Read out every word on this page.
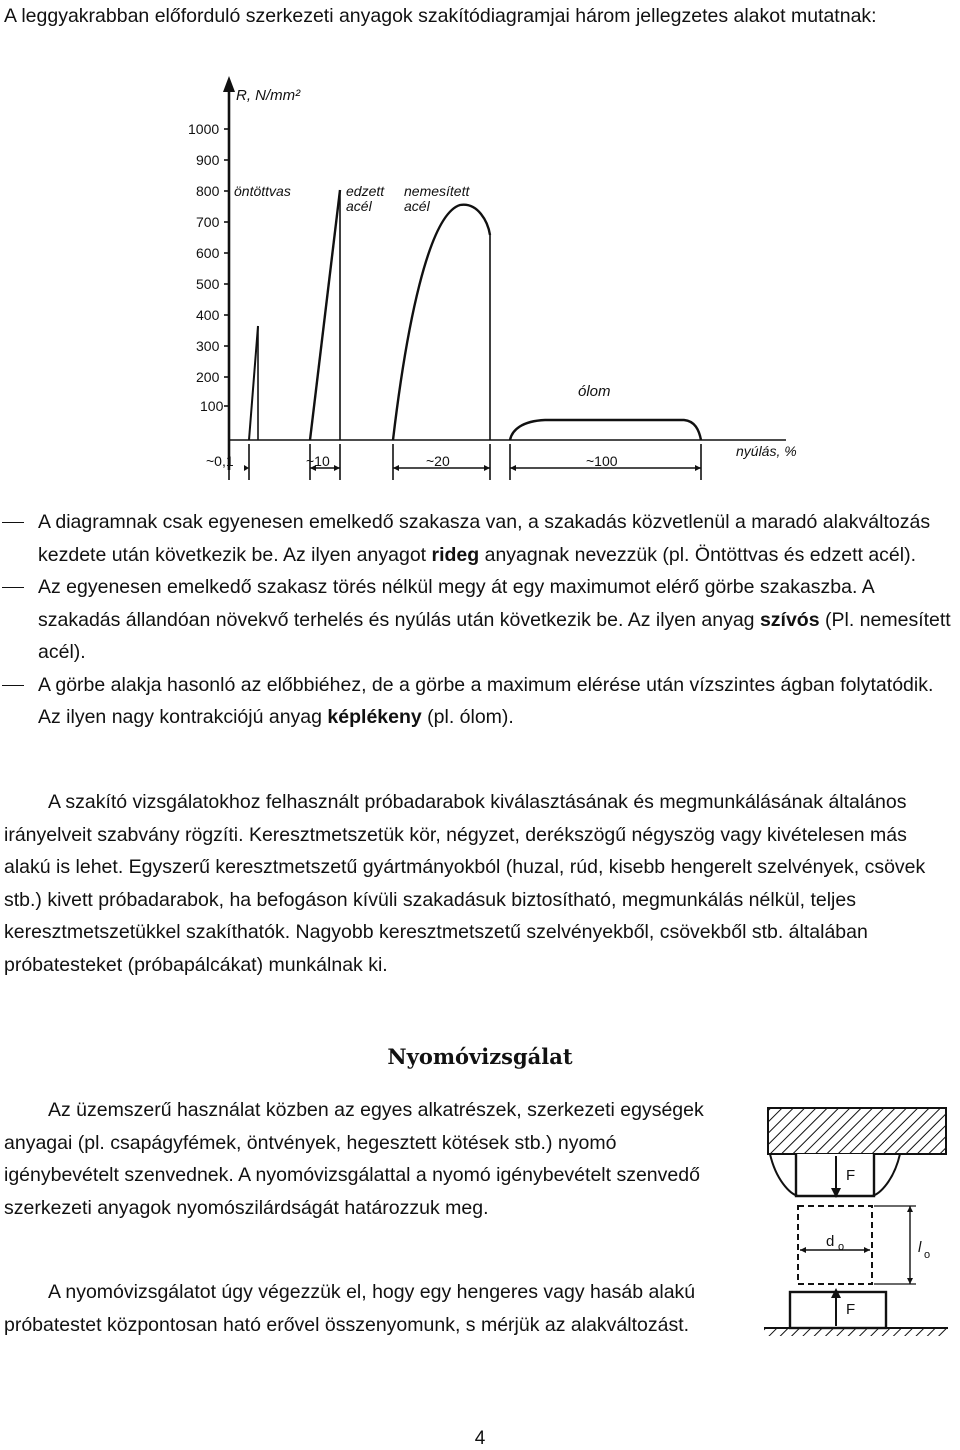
A leggyakrabban előforduló szerkezeti anyagok szakítódiagramjai három jellegzetes alakot mutatnak:

R, N/mm²
1000
900
800
700
600
500
400
300
200
100
öntöttvas	edzett
acél
nemesített
acél
ólom
~0,1	~10	~20	~100
nyúlás, %
A diagramnak csak egyenesen emelkedő szakasza van, a szakadás közvetlenül a maradó alakváltozás kezdete után következik be. Az ilyen anyagot rideg anyagnak nevezzük (pl. Öntöttvas és edzett acél).
Az egyenesen emelkedő szakasz törés nélkül megy át egy maximumot elérő görbe szakaszba. A szakadás állandóan növekvő terhelés és nyúlás után következik be. Az ilyen anyag szívós (Pl. nemesített acél).
A görbe alakja hasonló az előbbiéhez, de a görbe a maximum elérése után vízszintes ágban folytatódik. Az ilyen nagy kontrakciójú anyag képlékeny (pl. ólom).

A szakító vizsgálatokhoz felhasznált próbadarabok kiválasztásának és megmunkálásának általános irányelveit szabvány rögzíti. Keresztmetszetük kör, négyzet, derékszögű négyszög vagy kivételesen más alakú is lehet. Egyszerű keresztmetszetű gyártmányokból (huzal, rúd, kisebb hengerelt szelvények, csövek stb.) kivett próbadarabok, ha befogáson kívüli szakadásuk biztosítható, megmunkálás nélkül, teljes keresztmetszetükkel szakíthatók. Nagyobb keresztmetszetű szelvényekből, csövekből stb. általában próbatesteket (próbapálcákat) munkálnak ki.

Nyomóvizsgálat

Az üzemszerű használat közben az egyes alkatrészek, szerkezeti egységek anyagai (pl. csapágyfémek, öntvények, hegesztett kötések stb.) nyomó igénybevételt szenvednek. A nyomóvizsgálattal a nyomó igénybevételt szenvedő szerkezeti anyagok nyomószilárdságát határozzuk meg.

A nyomóvizsgálatot úgy végezzük el, hogy egy hengeres vagy hasáb alakú próbatestet központosan ható erővel összenyomunk, s mérjük az alakváltozást.

F
F
d o	l o
4
